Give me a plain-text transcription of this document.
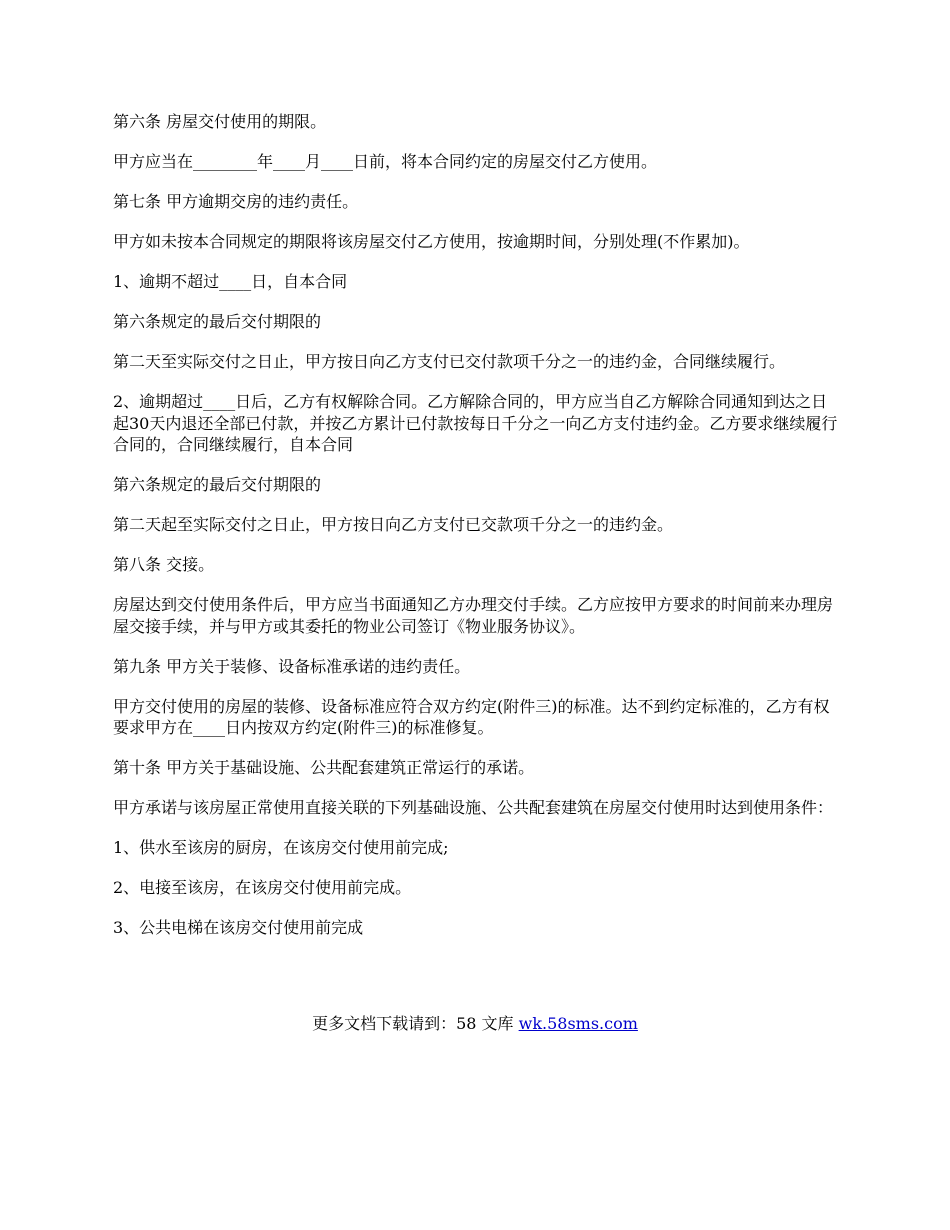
第六条 房屋交付使用的期限。

甲方应当在________年____月____日前，将本合同约定的房屋交付乙方使用。

第七条 甲方逾期交房的违约责任。

甲方如未按本合同规定的期限将该房屋交付乙方使用，按逾期时间，分别处理(不作累加)。

1、逾期不超过____日，自本合同

第六条规定的最后交付期限的

第二天至实际交付之日止，甲方按日向乙方支付已交付款项千分之一的违约金，合同继续履行。

2、逾期超过____日后，乙方有权解除合同。乙方解除合同的，甲方应当自乙方解除合同通知到达之日起30天内退还全部已付款，并按乙方累计已付款按每日千分之一向乙方支付违约金。乙方要求继续履行合同的，合同继续履行，自本合同

第六条规定的最后交付期限的

第二天起至实际交付之日止，甲方按日向乙方支付已交款项千分之一的违约金。

第八条 交接。

房屋达到交付使用条件后，甲方应当书面通知乙方办理交付手续。乙方应按甲方要求的时间前来办理房屋交接手续，并与甲方或其委托的物业公司签订《物业服务协议》。

第九条 甲方关于装修、设备标准承诺的违约责任。

甲方交付使用的房屋的装修、设备标准应符合双方约定(附件三)的标准。达不到约定标准的，乙方有权要求甲方在____日内按双方约定(附件三)的标准修复。

第十条 甲方关于基础设施、公共配套建筑正常运行的承诺。

甲方承诺与该房屋正常使用直接关联的下列基础设施、公共配套建筑在房屋交付使用时达到使用条件：

1、供水至该房的厨房，在该房交付使用前完成;

2、电接至该房，在该房交付使用前完成。

3、公共电梯在该房交付使用前完成

更多文档下载请到：58 文库 wk.58sms.com
